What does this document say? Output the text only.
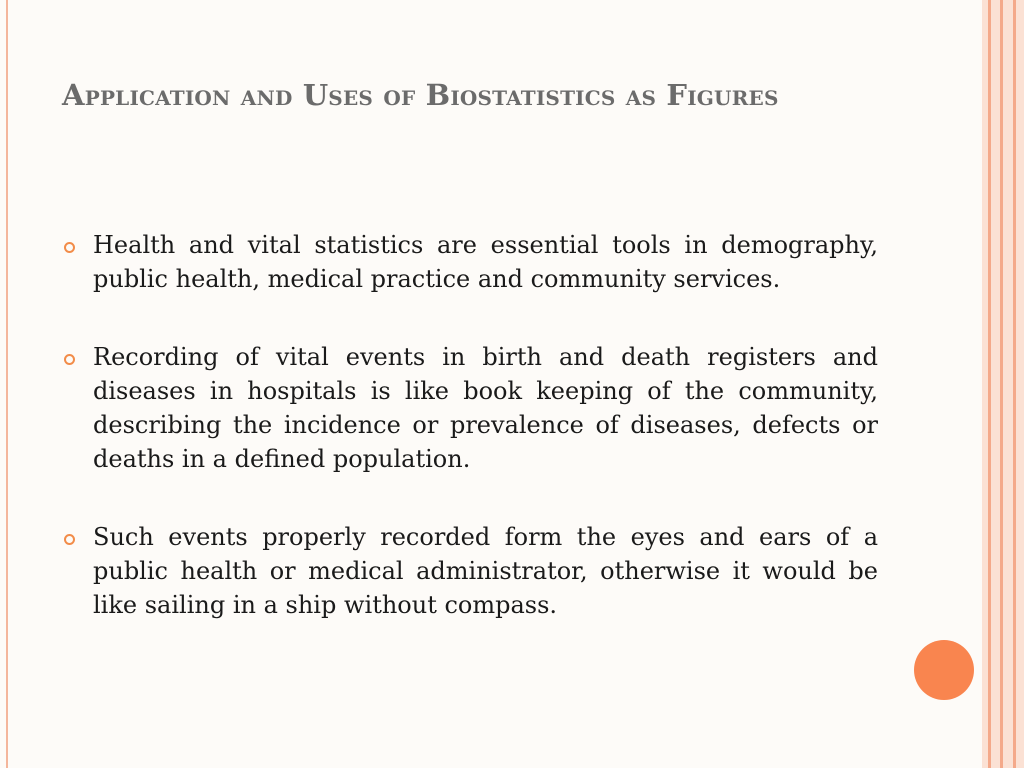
Application and Uses of Biostatistics as Figures
Health and vital statistics are essential tools in demography, public health, medical practice and community services.
Recording of vital events in birth and death registers and diseases in hospitals is like book keeping of the community, describing the incidence or prevalence of diseases, defects or deaths in a defined population.
Such events properly recorded form the eyes and ears of a public health or medical administrator, otherwise it would be like sailing in a ship without compass.
